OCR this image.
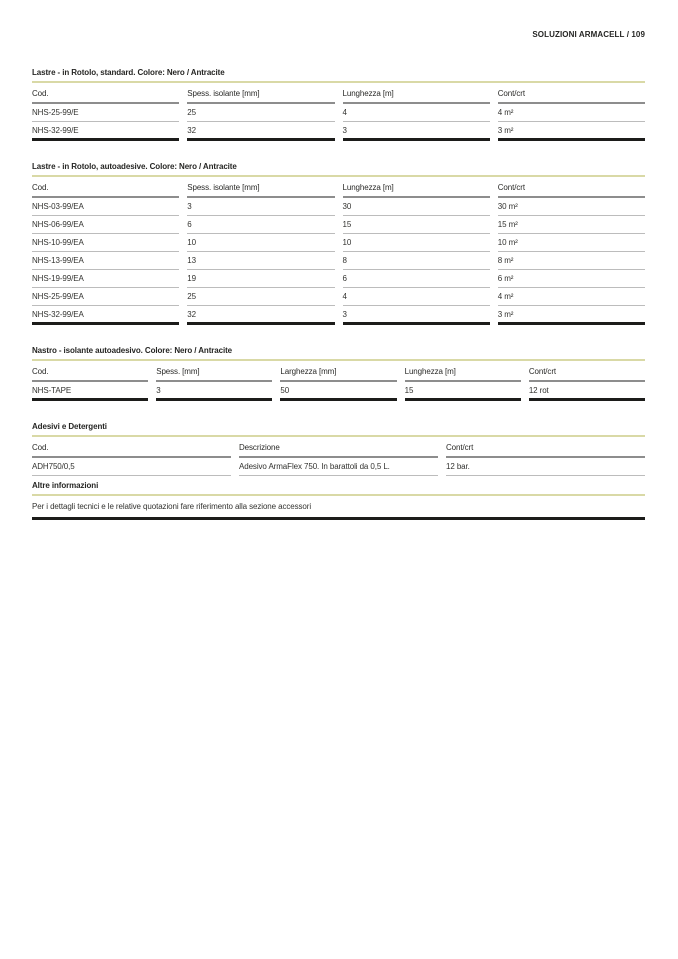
SOLUZIONI ARMACELL / 109
Lastre - in Rotolo, standard. Colore: Nero / Antracite
Cod.	Spess. isolante [mm]	Lunghezza [m]	Cont/crt
NHS-25-99/E	25	4	4 m²
NHS-32-99/E	32	3	3 m²
Lastre - in Rotolo, autoadesive. Colore: Nero / Antracite
Cod.	Spess. isolante [mm]	Lunghezza [m]	Cont/crt
NHS-03-99/EA	3	30	30 m²
NHS-06-99/EA	6	15	15 m²
NHS-10-99/EA	10	10	10 m²
NHS-13-99/EA	13	8	8 m²
NHS-19-99/EA	19	6	6 m²
NHS-25-99/EA	25	4	4 m²
NHS-32-99/EA	32	3	3 m²
Nastro - isolante autoadesivo. Colore: Nero / Antracite
Cod.	Spess. [mm]	Larghezza [mm]	Lunghezza [m]	Cont/crt
NHS-TAPE	3	50	15	12 rot
Adesivi e Detergenti
Cod.	Descrizione	Cont/crt
ADH750/0,5	Adesivo ArmaFlex 750. In barattoli da 0,5 L.	12 bar.
Altre informazioni
Per i dettagli tecnici e le relative quotazioni fare riferimento alla sezione accessori
